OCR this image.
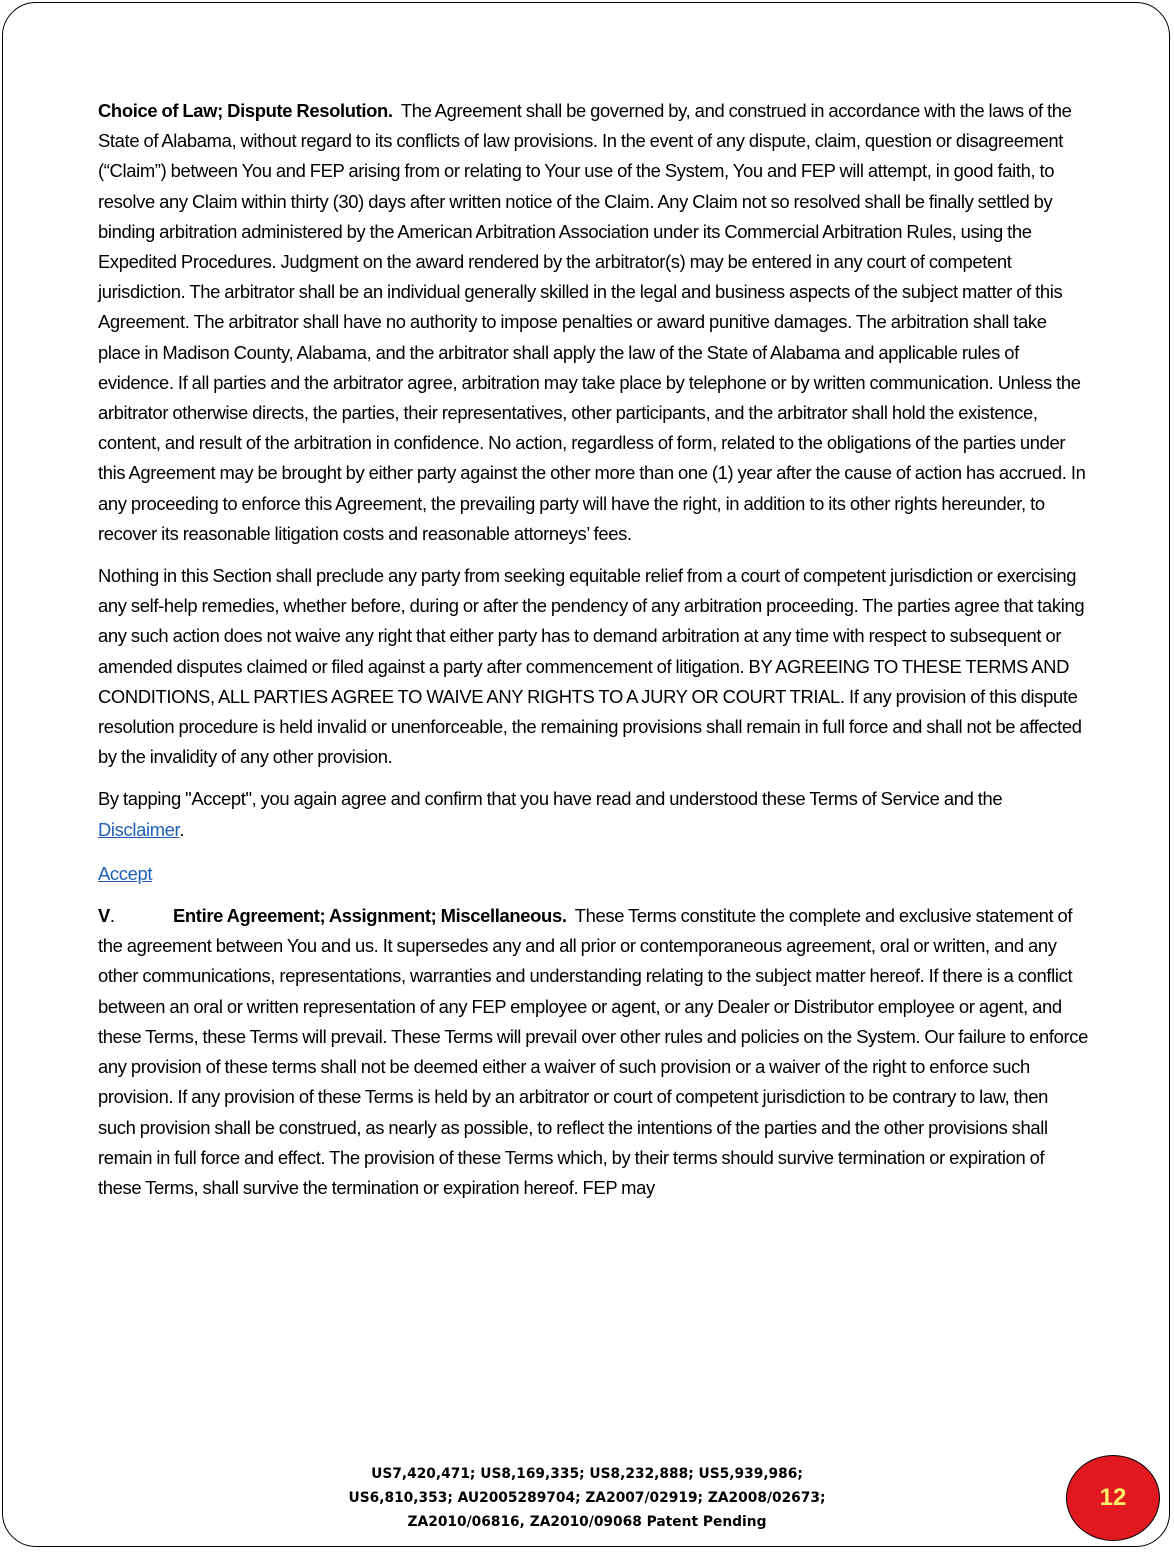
Choice of Law; Dispute Resolution. The Agreement shall be governed by, and construed in accordance with the laws of the State of Alabama, without regard to its conflicts of law provisions. In the event of any dispute, claim, question or disagreement (“Claim”) between You and FEP arising from or relating to Your use of the System, You and FEP will attempt, in good faith, to resolve any Claim within thirty (30) days after written notice of the Claim. Any Claim not so resolved shall be finally settled by binding arbitration administered by the American Arbitration Association under its Commercial Arbitration Rules, using the Expedited Procedures. Judgment on the award rendered by the arbitrator(s) may be entered in any court of competent jurisdiction. The arbitrator shall be an individual generally skilled in the legal and business aspects of the subject matter of this Agreement. The arbitrator shall have no authority to impose penalties or award punitive damages. The arbitration shall take place in Madison County, Alabama, and the arbitrator shall apply the law of the State of Alabama and applicable rules of evidence. If all parties and the arbitrator agree, arbitration may take place by telephone or by written communication. Unless the arbitrator otherwise directs, the parties, their representatives, other participants, and the arbitrator shall hold the existence, content, and result of the arbitration in confidence. No action, regardless of form, related to the obligations of the parties under this Agreement may be brought by either party against the other more than one (1) year after the cause of action has accrued. In any proceeding to enforce this Agreement, the prevailing party will have the right, in addition to its other rights hereunder, to recover its reasonable litigation costs and reasonable attorneys’ fees.

Nothing in this Section shall preclude any party from seeking equitable relief from a court of competent jurisdiction or exercising any self-help remedies, whether before, during or after the pendency of any arbitration proceeding. The parties agree that taking any such action does not waive any right that either party has to demand arbitration at any time with respect to subsequent or amended disputes claimed or filed against a party after commencement of litigation. BY AGREEING TO THESE TERMS AND CONDITIONS, ALL PARTIES AGREE TO WAIVE ANY RIGHTS TO A JURY OR COURT TRIAL. If any provision of this dispute resolution procedure is held invalid or unenforceable, the remaining provisions shall remain in full force and shall not be affected by the invalidity of any other provision.

By tapping "Accept", you again agree and confirm that you have read and understood these Terms of Service and the Disclaimer.

Accept

V.	Entire Agreement; Assignment; Miscellaneous. These Terms constitute the complete and exclusive statement of the agreement between You and us. It supersedes any and all prior or contemporaneous agreement, oral or written, and any other communications, representations, warranties and understanding relating to the subject matter hereof. If there is a conflict between an oral or written representation of any FEP employee or agent, or any Dealer or Distributor employee or agent, and these Terms, these Terms will prevail. These Terms will prevail over other rules and policies on the System. Our failure to enforce any provision of these terms shall not be deemed either a waiver of such provision or a waiver of the right to enforce such provision. If any provision of these Terms is held by an arbitrator or court of competent jurisdiction to be contrary to law, then such provision shall be construed, as nearly as possible, to reflect the intentions of the parties and the other provisions shall remain in full force and effect. The provision of these Terms which, by their terms should survive termination or expiration of these Terms, shall survive the termination or expiration hereof. FEP may

US7,420,471; US8,169,335; US8,232,888; US5,939,986;
US6,810,353; AU2005289704; ZA2007/02919; ZA2008/02673;
ZA2010/06816, ZA2010/09068 Patent Pending
12
